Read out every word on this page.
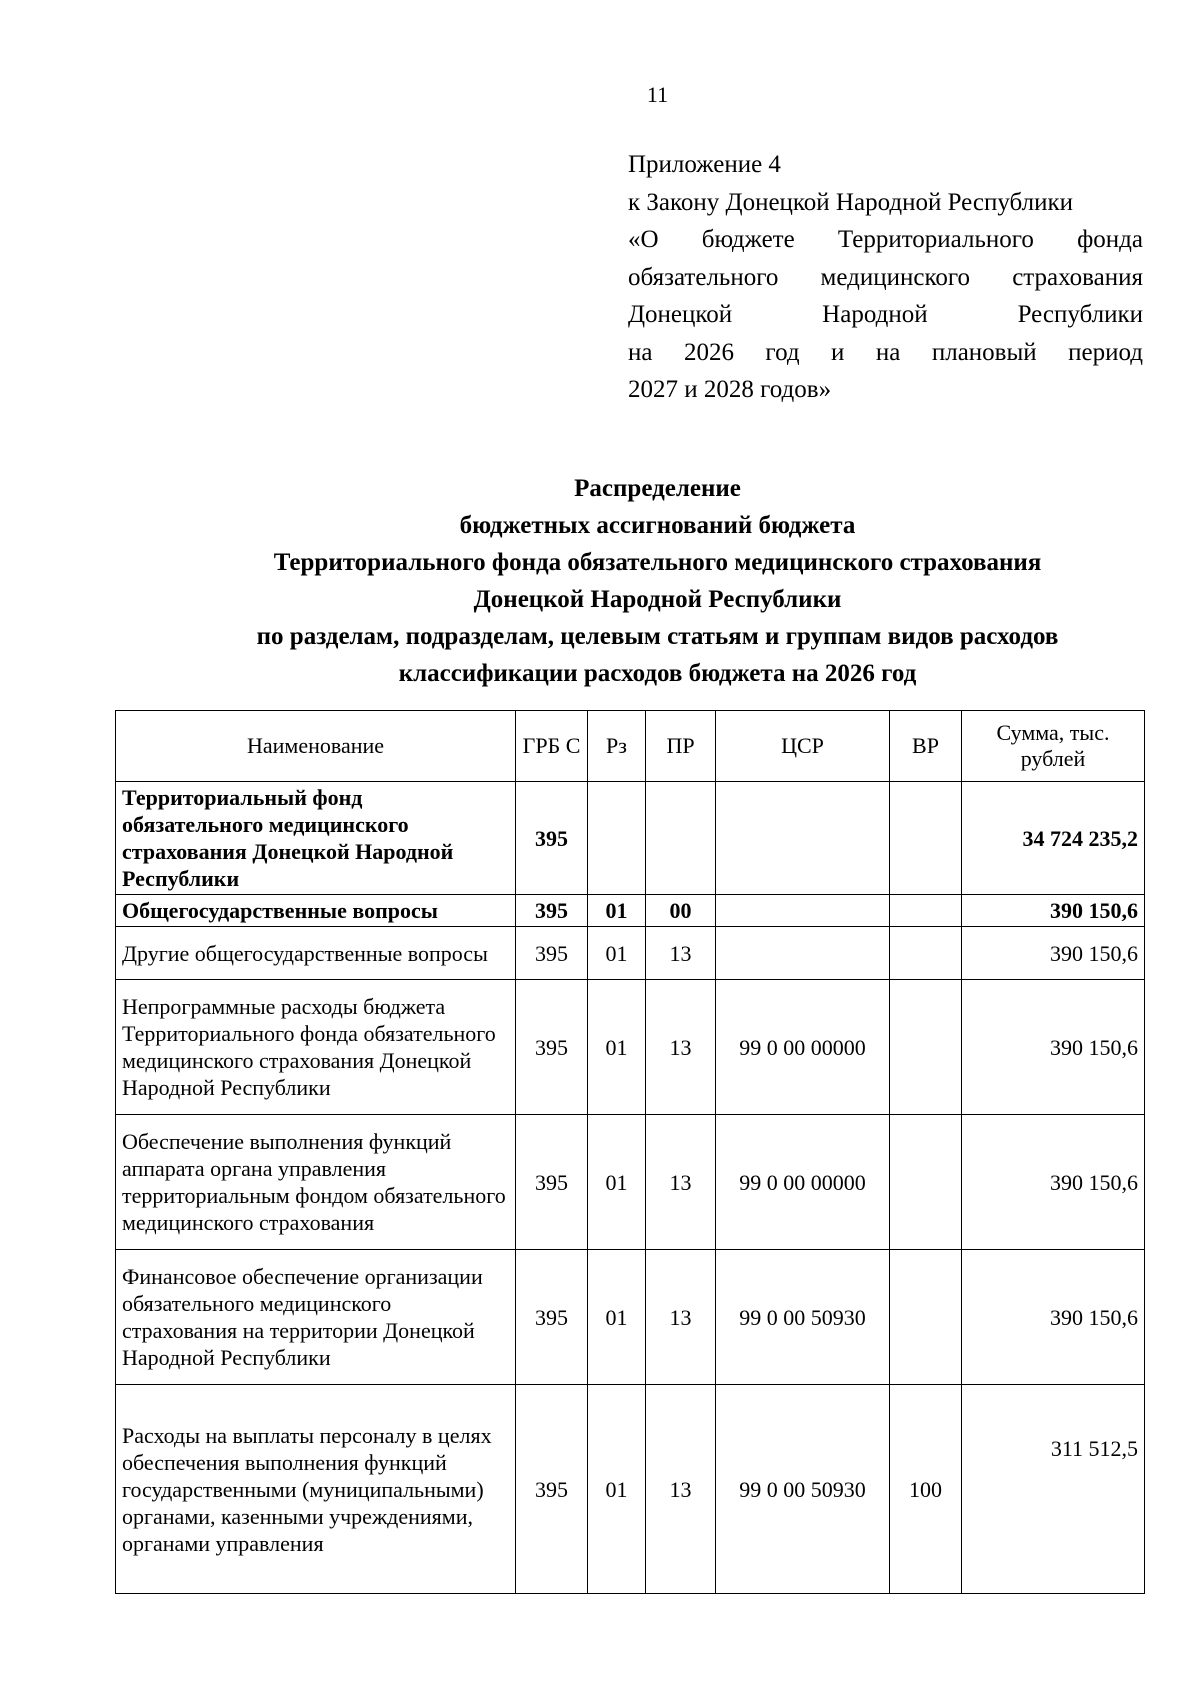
11
Приложение 4
к Закону Донецкой Народной Республики
«О бюджете Территориального фонда
обязательного медицинского страхования
Донецкой Народной Республики
на 2026 год и на плановый период
2027 и 2028 годов»
Распределение
бюджетных ассигнований бюджета
Территориального фонда обязательного медицинского страхования
Донецкой Народной Республики
по разделам, подразделам, целевым статьям и группам видов расходов
классификации расходов бюджета на 2026 год
Наименование	ГРБ С	Рз	ПР	ЦСР	ВР	Сумма, тыс. рублей
Территориальный фонд обязательного медицинского страхования Донецкой Народной Республики	395					34 724 235,2
Общегосударственные вопросы	395	01	00			390 150,6
Другие общегосударственные вопросы	395	01	13			390 150,6
Непрограммные расходы бюджета Территориального фонда обязательного медицинского страхования Донецкой Народной Республики	395	01	13	99 0 00 00000		390 150,6
Обеспечение выполнения функций аппарата органа управления территориальным фондом обязательного медицинского страхования	395	01	13	99 0 00 00000		390 150,6
Финансовое обеспечение организации обязательного медицинского страхования на территории Донецкой Народной Республики	395	01	13	99 0 00 50930		390 150,6
Расходы на выплаты персоналу в целях обеспечения выполнения функций государственными (муниципальными) органами, казенными учреждениями, органами управления	395	01	13	99 0 00 50930	100	311 512,5
